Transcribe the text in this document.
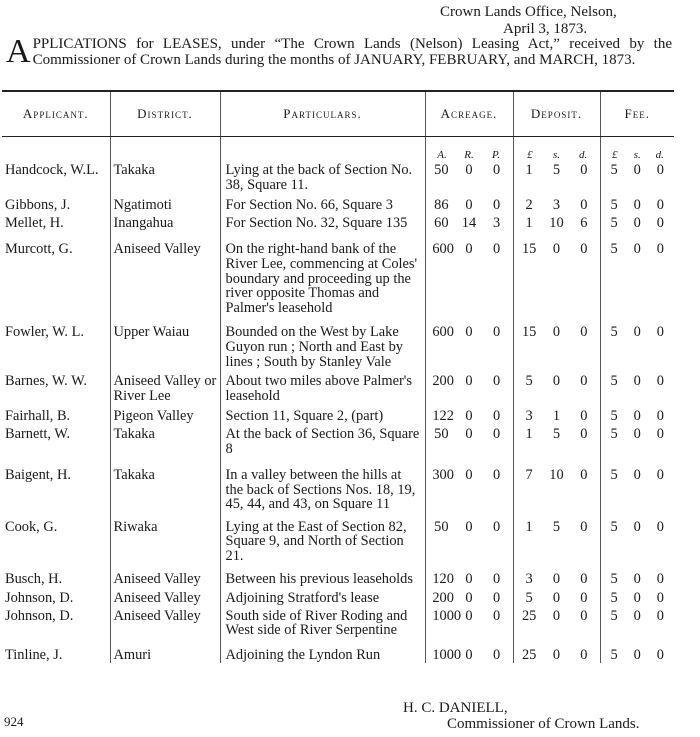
Crown Lands Office, Nelson,
April 3, 1873.
APPLICATIONS for LEASES, under “The Crown Lands (Nelson) Leasing Act,” received by the Commissioner of Crown Lands during the months of JANUARY, FEBRUARY, and MARCH, 1873.
Applicant.	District.	Particulars.	Acreage.	Deposit.	Fee.

			A. R. P.	£ s. d.	£ s. d.

Handcock, W.L.	Takaka	Lying at the back of Section No. 38, Square 11.	50 0 0	1 5 0	5 0 0

Gibbons, J.	Ngatimoti	For Section No. 66, Square 3	86 0 0	2 3 0	5 0 0

Mellet, H.	Inangahua	For Section No. 32, Square 135	60 14 3	1 10 6	5 0 0

Murcott, G.	Aniseed Valley	On the right-hand bank of the River Lee, commencing at Coles' boundary and proceeding up the river opposite Thomas and Palmer's leasehold	600 0 0	15 0 0	5 0 0

Fowler, W. L.	Upper Waiau	Bounded on the West by Lake Guyon run ; North and East by lines ; South by Stanley Vale	600 0 0	15 0 0	5 0 0

Barnes, W. W.	Aniseed Valley or River Lee	About two miles above Palmer's leasehold	200 0 0	5 0 0	5 0 0

Fairhall, B.	Pigeon Valley	Section 11, Square 2, (part)	122 0 0	3 1 0	5 0 0

Barnett, W.	Takaka	At the back of Section 36, Square 8	50 0 0	1 5 0	5 0 0

Baigent, H.	Takaka	In a valley between the hills at the back of Sections Nos. 18, 19, 45, 44, and 43, on Square 11	300 0 0	7 10 0	5 0 0

Cook, G.	Riwaka	Lying at the East of Section 82, Square 9, and North of Section 21.	50 0 0	1 5 0	5 0 0

Busch, H.	Aniseed Valley	Between his previous leaseholds	120 0 0	3 0 0	5 0 0

Johnson, D.	Aniseed Valley	Adjoining Stratford's lease	200 0 0	5 0 0	5 0 0

Johnson, D.	Aniseed Valley	South side of River Roding and West side of River Serpentine	1000 0 0	25 0 0	5 0 0

Tinline, J.	Amuri	Adjoining the Lyndon Run	1000 0 0	25 0 0	5 0 0
924
H. C. DANIELL,
Commissioner of Crown Lands.
